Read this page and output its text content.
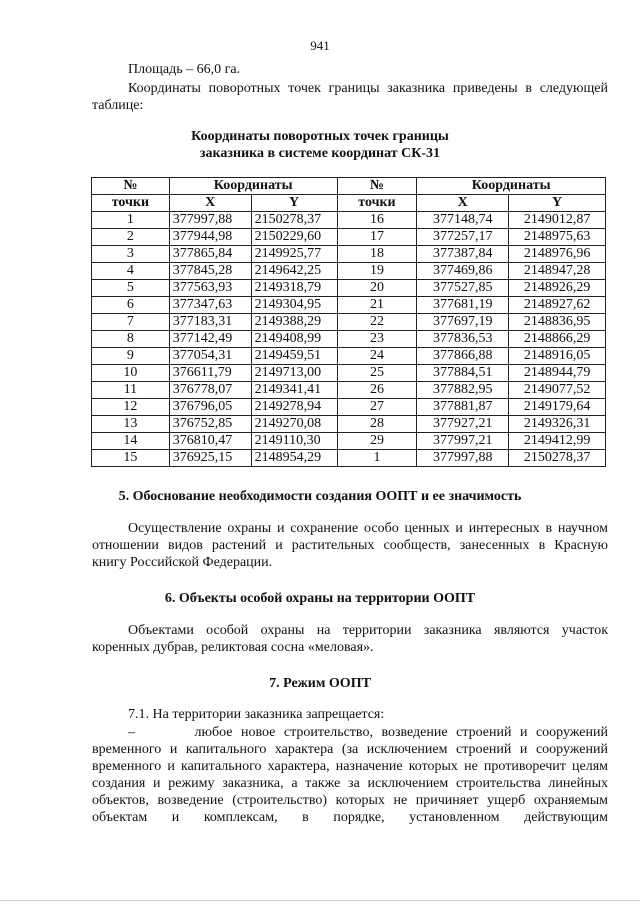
941
Площадь – 66,0 га.
Координаты поворотных точек границы заказника приведены в следующей
таблице:
Координаты поворотных точек границы
заказника в системе координат СК-31
№	Координаты		№	Координаты	
точки	X	Y	точки	X	Y
1	377997,88	2150278,37	16	377148,74	2149012,87
2	377944,98	2150229,60	17	377257,17	2148975,63
3	377865,84	2149925,77	18	377387,84	2148976,96
4	377845,28	2149642,25	19	377469,86	2148947,28
5	377563,93	2149318,79	20	377527,85	2148926,29
6	377347,63	2149304,95	21	377681,19	2148927,62
7	377183,31	2149388,29	22	377697,19	2148836,95
8	377142,49	2149408,99	23	377836,53	2148866,29
9	377054,31	2149459,51	24	377866,88	2148916,05
10	376611,79	2149713,00	25	377884,51	2148944,79
11	376778,07	2149341,41	26	377882,95	2149077,52
12	376796,05	2149278,94	27	377881,87	2149179,64
13	376752,85	2149270,08	28	377927,21	2149326,31
14	376810,47	2149110,30	29	377997,21	2149412,99
15	376925,15	2148954,29	1	377997,88	2150278,37
5. Обоснование необходимости создания ООПТ и ее значимость
Осуществление охраны и сохранение особо ценных и интересных в научном
отношении видов растений и растительных сообществ, занесенных в Красную
книгу Российской Федерации.
6. Объекты особой охраны на территории ООПТ
Объектами особой охраны на территории заказника являются участок
коренных дубрав, реликтовая сосна «меловая».
7. Режим ООПТ
7.1. На территории заказника запрещается:
–       любое новое строительство, возведение строений и сооружений
временного и капитального характера (за исключением строений и сооружений
временного и капитального характера, назначение которых не противоречит целям
создания и режиму заказника, а также за исключением строительства линейных
объектов, возведение (строительство) которых не причиняет ущерб охраняемым
объектам и комплексам, в порядке, установленном действующим
